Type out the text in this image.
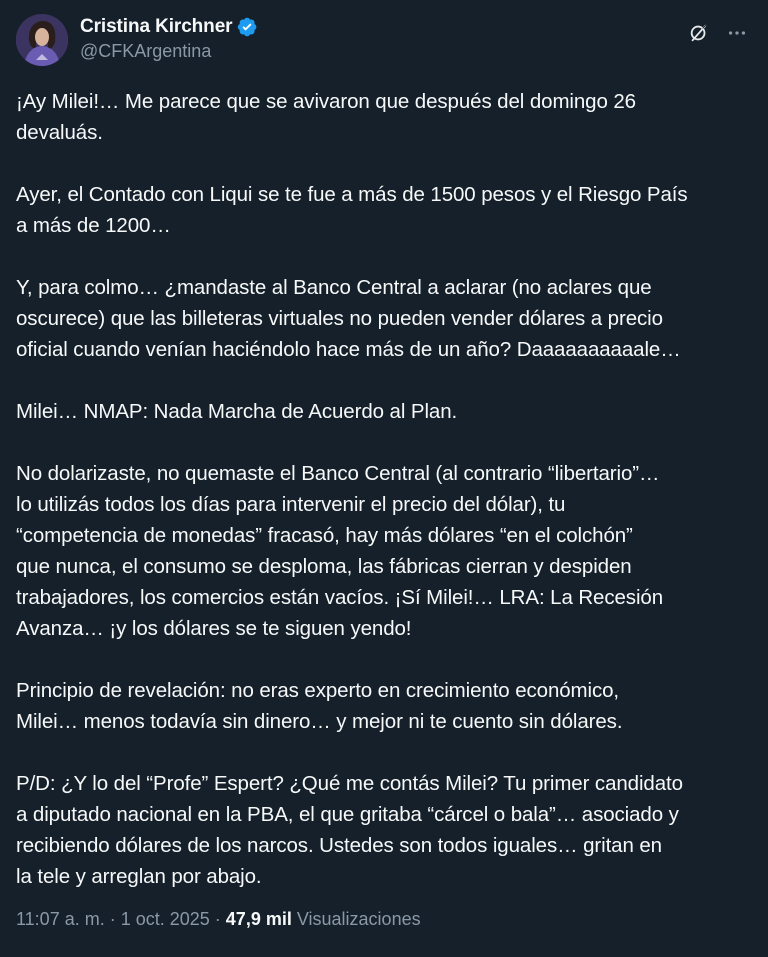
Cristina Kirchner
@CFKArgentina

¡Ay Milei!… Me parece que se avivaron que después del domingo 26
devaluás.

Ayer, el Contado con Liqui se te fue a más de 1500 pesos y el Riesgo País
a más de 1200…

Y, para colmo… ¿mandaste al Banco Central a aclarar (no aclares que
oscurece) que las billeteras virtuales no pueden vender dólares a precio
oficial cuando venían haciéndolo hace más de un año? Daaaaaaaaaale…

Milei… NMAP: Nada Marcha de Acuerdo al Plan.

No dolarizaste, no quemaste el Banco Central (al contrario “libertario”…
lo utilizás todos los días para intervenir el precio del dólar), tu
“competencia de monedas” fracasó, hay más dólares “en el colchón”
que nunca, el consumo se desploma, las fábricas cierran y despiden
trabajadores, los comercios están vacíos. ¡Sí Milei!… LRA: La Recesión
Avanza… ¡y los dólares se te siguen yendo!

Principio de revelación: no eras experto en crecimiento económico,
Milei… menos todavía sin dinero… y mejor ni te cuento sin dólares.

P/D: ¿Y lo del “Profe” Espert? ¿Qué me contás Milei? Tu primer candidato
a diputado nacional en la PBA, el que gritaba “cárcel o bala”… asociado y
recibiendo dólares de los narcos. Ustedes son todos iguales… gritan en
la tele y arreglan por abajo.

11:07 a. m. · 1 oct. 2025 · 47,9 mil Visualizaciones
